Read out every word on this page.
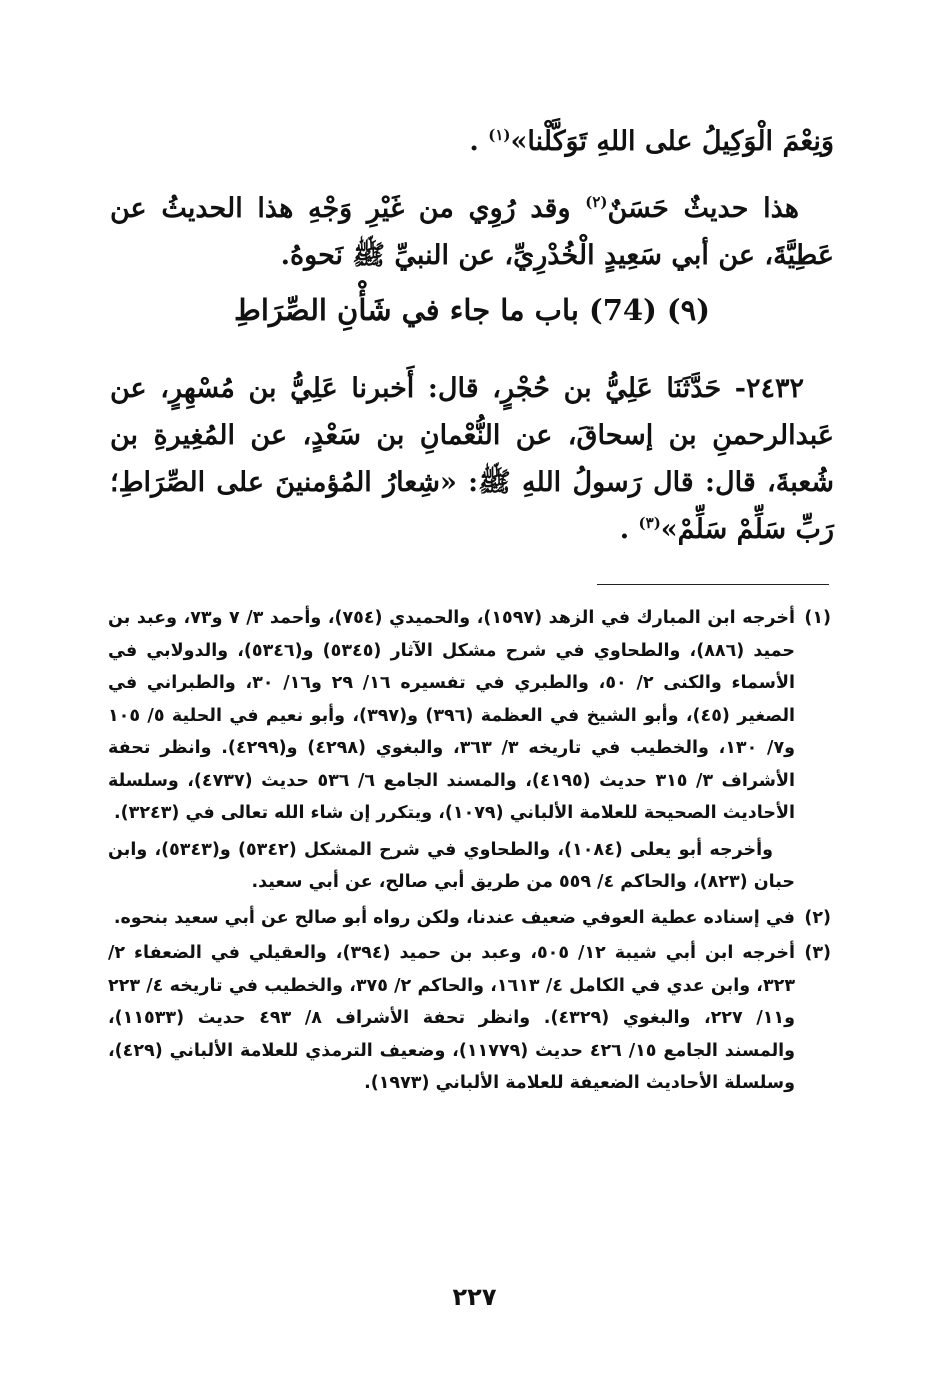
وَنِعْمَ الْوَكِيلُ على اللهِ تَوَكَّلْنا»$^{(١)}$ .

هذا حديثٌ حَسَنٌ$^{(٢)}$ وقد رُوِي من غَيْرِ وَجْهِ هذا الحديثُ عن عَطِيَّةَ، عن أبي سَعِيدٍ الْخُدْرِيِّ، عن النبيِّ ﷺ نَحوهُ.

(٩) (74) باب ما جاء في شَأْنِ الصِّرَاطِ

٢٤٣٢- حَدَّثَنَا عَلِيُّ بن حُجْرٍ، قال: أَخبرنا عَلِيُّ بن مُسْهِرٍ، عن عَبدالرحمنِ بن إسحاقَ، عن النُّعْمانِ بن سَعْدٍ، عن المُغِيرةِ بن شُعبةَ، قال: قال رَسولُ اللهِ ﷺ: «شِعارُ المُؤمنينَ على الصِّرَاطِ؛ رَبِّ سَلِّمْ سَلِّمْ»$^{(٣)}$ .

(١)

أخرجه ابن المبارك في الزهد (١٥٩٧)، والحميدي (٧٥٤)، وأحمد ٣/ ٧ و٧٣، وعبد بن حميد (٨٨٦)، والطحاوي في شرح مشكل الآثار (٥٣٤٥) و(٥٣٤٦)، والدولابي في الأسماء والكنى ٢/ ٥٠، والطبري في تفسيره ١٦/ ٢٩ و١٦/ ٣٠، والطبراني في الصغير (٤٥)، وأبو الشيخ في العظمة (٣٩٦) و(٣٩٧)، وأبو نعيم في الحلية ٥/ ١٠٥ و٧/ ١٣٠، والخطيب في تاريخه ٣/ ٣٦٣، والبغوي (٤٢٩٨) و(٤٢٩٩). وانظر تحفة الأشراف ٣/ ٣١٥ حديث (٤١٩٥)، والمسند الجامع ٦/ ٥٣٦ حديث (٤٧٣٧)، وسلسلة الأحاديث الصحيحة للعلامة الألباني (١٠٧٩)، ويتكرر إن شاء الله تعالى في (٣٢٤٣).

وأخرجه أبو يعلى (١٠٨٤)، والطحاوي في شرح المشكل (٥٣٤٢) و(٥٣٤٣)، وابن حبان (٨٢٣)، والحاكم ٤/ ٥٥٩ من طريق أبي صالح، عن أبي سعيد.

(٢)

في إسناده عطية العوفي ضعيف عندنا، ولكن رواه أبو صالح عن أبي سعيد بنحوه.

(٣)

أخرجه ابن أبي شيبة ١٢/ ٥٠٥، وعبد بن حميد (٣٩٤)، والعقيلي في الضعفاء ٢/ ٣٢٣، وابن عدي في الكامل ٤/ ١٦١٣، والحاكم ٢/ ٣٧٥، والخطيب في تاريخه ٤/ ٢٢٣ و١١/ ٢٢٧، والبغوي (٤٣٢٩). وانظر تحفة الأشراف ٨/ ٤٩٣ حديث (١١٥٣٣)، والمسند الجامع ١٥/ ٤٢٦ حديث (١١٧٧٩)، وضعيف الترمذي للعلامة الألباني (٤٢٩)، وسلسلة الأحاديث الضعيفة للعلامة الألباني (١٩٧٣).

٢٢٧
